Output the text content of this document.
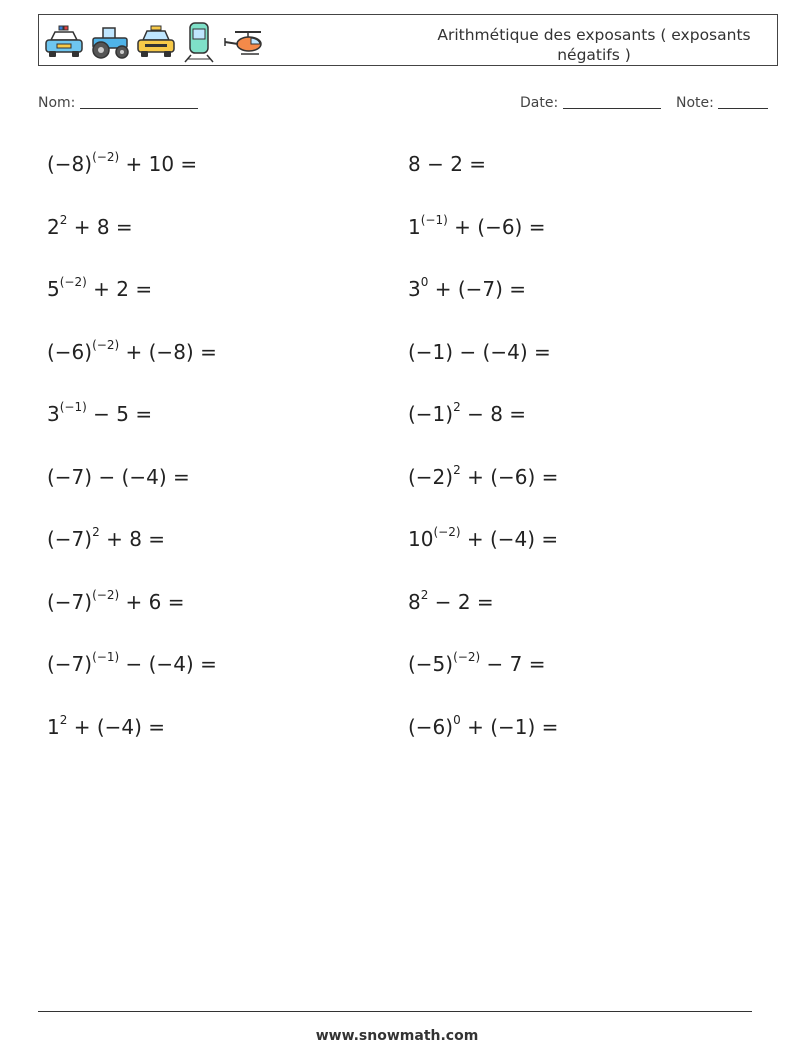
Arithmétique des exposants ( exposants
négatifs )
Nom:	Date:	Note:
$(-8)^{(-2)} + 10$ =
$2^2 + 8$ =
$5^{(-2)} + 2$ =
$(-6)^{(-2)} + (-8)$ =
$3^{(-1)} - 5$ =
(−7) − (−4) =
$(-7)^2 + 8$ =
$(-7)^{(-2)} + 6$ =
$(-7)^{(-1)} - (-4)$ =
$1^2 + (-4)$ =
8 − 2 =
$1^{(-1)} + (-6)$ =
$3^0 + (-7)$ =
(−1) − (−4) =
$(-1)^2 - 8$ =
$(-2)^2 + (-6)$ =
$10^{(-2)} + (-4)$ =
$8^2 - 2$ =
$(-5)^{(-2)} - 7$ =
$(-6)^0 + (-1)$ =
www.snowmath.com
